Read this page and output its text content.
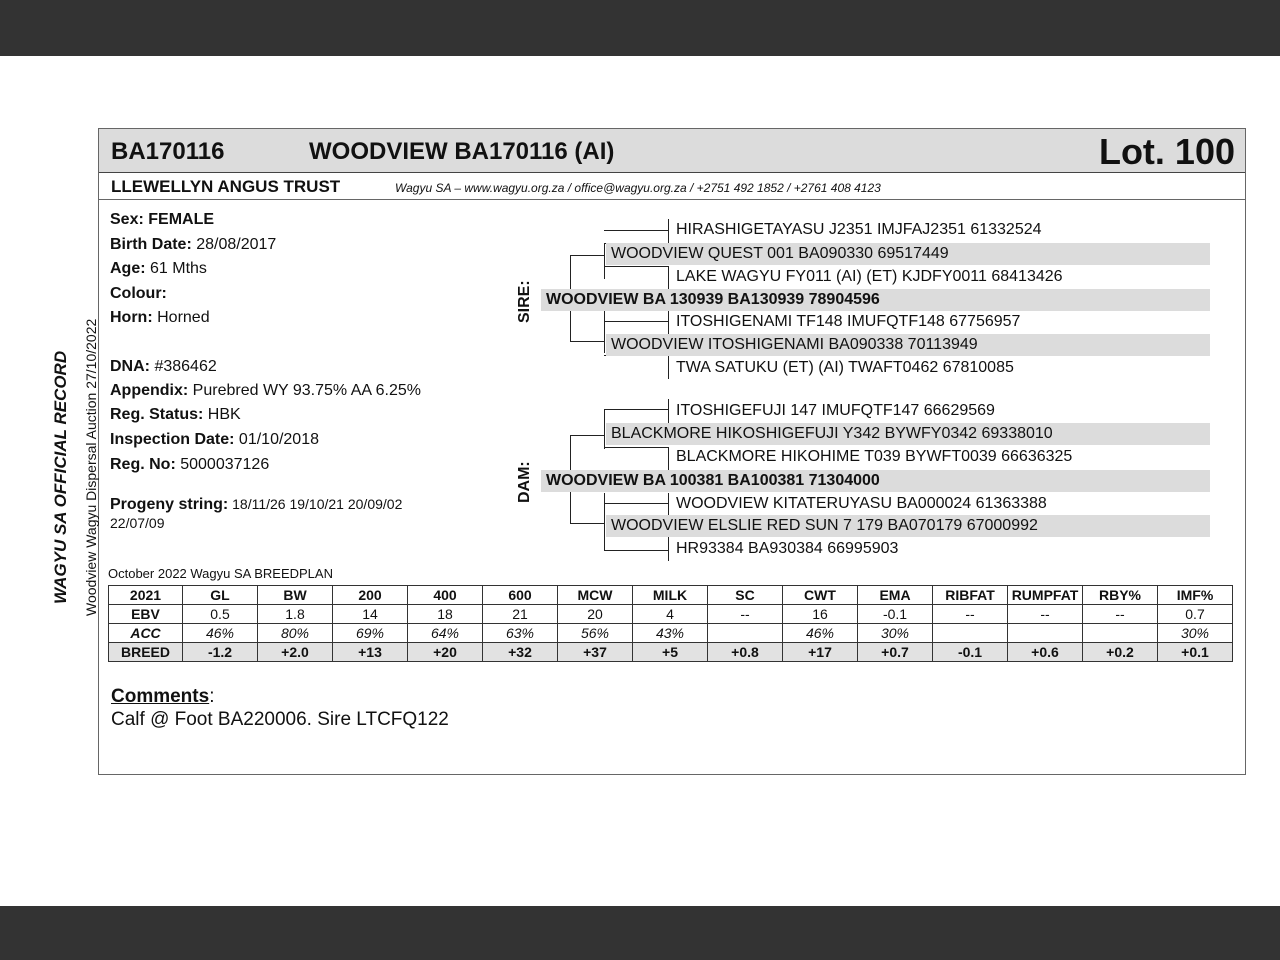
BA170116	WOODVIEW BA170116 (AI)	Lot. 100
LLEWELLYN ANGUS TRUST	Wagyu SA – www.wagyu.org.za / office@wagyu.org.za / +2751 492 1852 / +2761 408 4123
WAGYU SA OFFICIAL RECORD Woodview Wagyu Dispersal Auction 27/10/2022
Sex: FEMALE
Birth Date: 28/08/2017
Age: 61 Mths
Colour:
Horn: Horned
DNA: #386462
Appendix: Purebred WY 93.75% AA 6.25%
Reg. Status: HBK
Inspection Date: 01/10/2018
Reg. No: 5000037126
Progeny string: 18/11/26 19/10/21 20/09/02 22/07/09
SIRE:
DAM:
HIRASHIGETAYASU J2351 IMJFAJ2351 61332524
WOODVIEW QUEST 001 BA090330 69517449
LAKE WAGYU FY011 (AI) (ET) KJDFY0011 68413426
WOODVIEW BA 130939 BA130939 78904596
ITOSHIGENAMI TF148 IMUFQTF148 67756957
WOODVIEW ITOSHIGENAMI BA090338 70113949
TWA SATUKU (ET) (AI) TWAFT0462 67810085
ITOSHIGEFUJI 147 IMUFQTF147 66629569
BLACKMORE HIKOSHIGEFUJI Y342 BYWFY0342 69338010
BLACKMORE HIKOHIME T039 BYWFT0039 66636325
WOODVIEW BA 100381 BA100381 71304000
WOODVIEW KITATERUYASU BA000024 61363388
WOODVIEW ELSLIE RED SUN 7 179 BA070179 67000992
HR93384 BA930384 66995903
October 2022 Wagyu SA BREEDPLAN
2021	GL	BW	200	400	600	MCW	MILK	SC	CWT	EMA	RIBFAT	RUMPFAT	RBY%	IMF%
EBV	0.5	1.8	14	18	21	20	4	--	16	-0.1	--	--	--	0.7
ACC	46%	80%	69%	64%	63%	56%	43%		46%	30%				30%
BREED	-1.2	+2.0	+13	+20	+32	+37	+5	+0.8	+17	+0.7	-0.1	+0.6	+0.2	+0.1
Comments:
Calf @ Foot BA220006. Sire LTCFQ122
